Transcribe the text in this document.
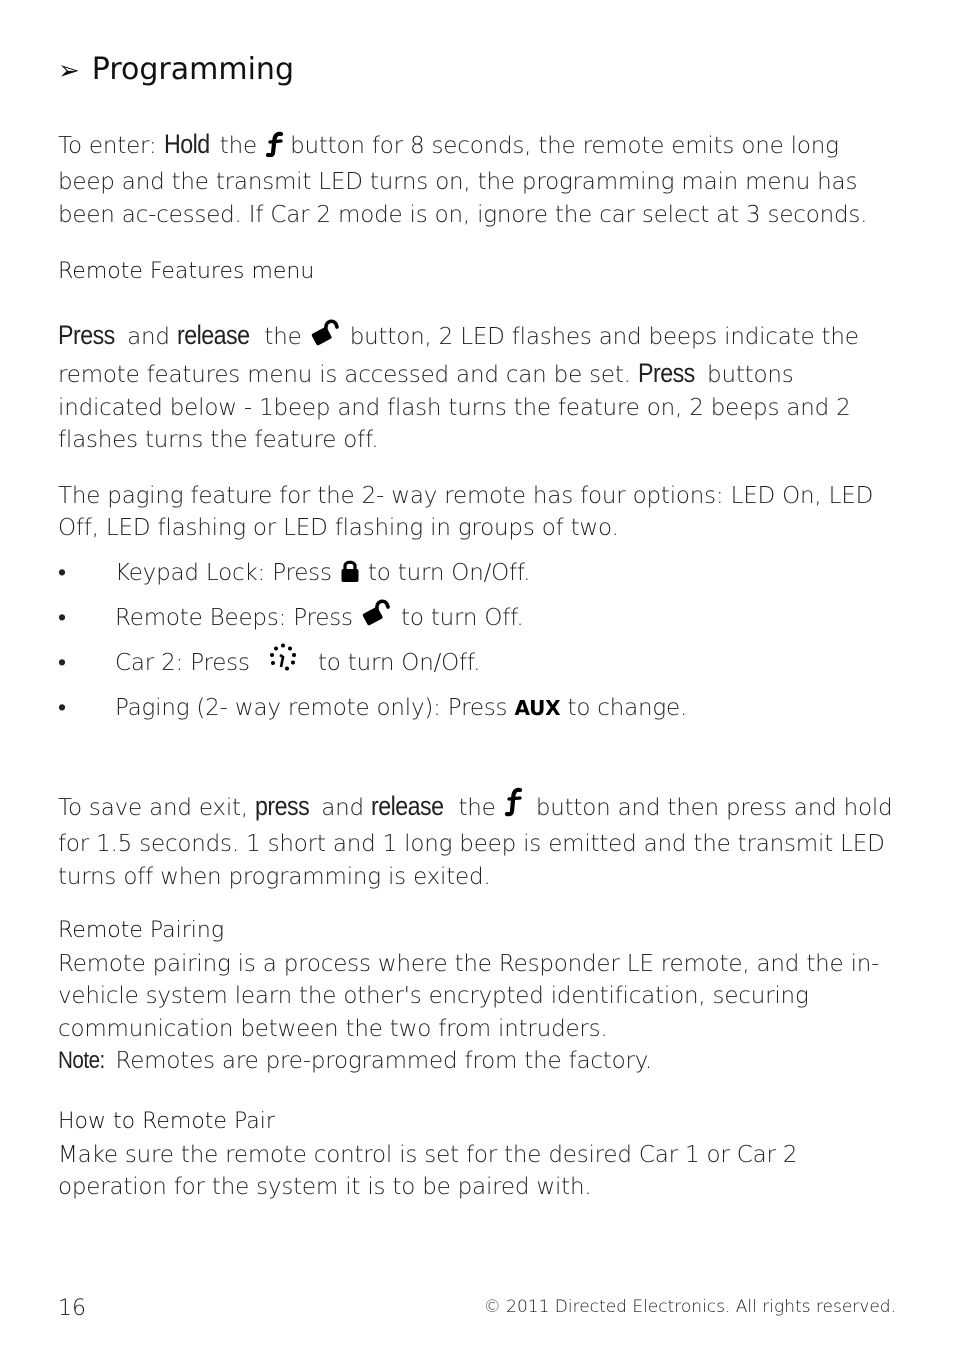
➢ Programming

To enter: Hold the button for 8 seconds, the remote emits one long beep and the transmit LED turns on, the programming main menu has been ac-cessed. If Car 2 mode is on, ignore the car select at 3 seconds.

Remote Features menu

Press and release the  button, 2 LED flashes and beeps indicate the remote features menu is accessed and can be set. Press buttons indicated below - 1beep and flash turns the feature on, 2 beeps and 2 flashes turns the feature off.

The paging feature for the 2- way remote has four options: LED On, LED Off, LED flashing or LED flashing in groups of two.

• Keypad Lock: Press  to turn On/Off.
• Remote Beeps: Press  to turn Off.
• Car 2: Press  to turn On/Off.
• Paging (2- way remote only): Press AUX to change.

To save and exit, press and release the  button and then press and hold for 1.5 seconds. 1 short and 1 long beep is emitted and the transmit LED turns off when programming is exited.

Remote Pairing

Remote pairing is a process where the Responder LE remote, and the in-vehicle system learn the other's encrypted identification, securing communication between the two from intruders.
Note: Remotes are pre-programmed from the factory.

How to Remote Pair

Make sure the remote control is set for the desired Car 1 or Car 2 operation for the system it is to be paired with.

16	© 2011 Directed Electronics. All rights reserved.
